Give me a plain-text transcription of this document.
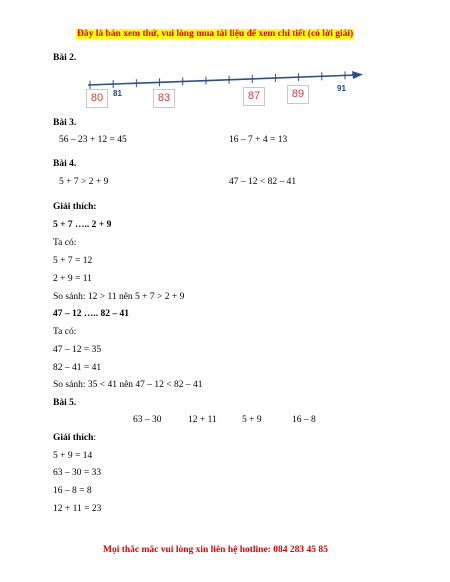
Đây là bản xem thử, vui lòng mua tài liệu để xem chi tiết (có lời giải)
Bài 2.
80	81	83	87	89	91
Bài 3.
56 – 23 + 12 = 45	16 – 7 + 4 = 13
Bài 4.
5 + 7 > 2 + 9	47 – 12 < 82 – 41
Giải thích:
5 + 7 ….. 2 + 9
Ta có:
5 + 7 = 12
2 + 9 = 11
So sánh: 12 > 11 nên 5 + 7 > 2 + 9
47 – 12 ….. 82 – 41
Ta có:
47 – 12 = 35
82 – 41 = 41
So sánh: 35 < 41 nên 47 – 12 < 82 – 41
Bài 5.
63 – 30	12 + 11	5 + 9	16 – 8
Giải thích:
5 + 9 = 14
63 – 30 = 33
16 – 8 = 8
12 + 11 = 23
Mọi thắc mắc vui lòng xin liên hệ hotline: 084 283 45 85
